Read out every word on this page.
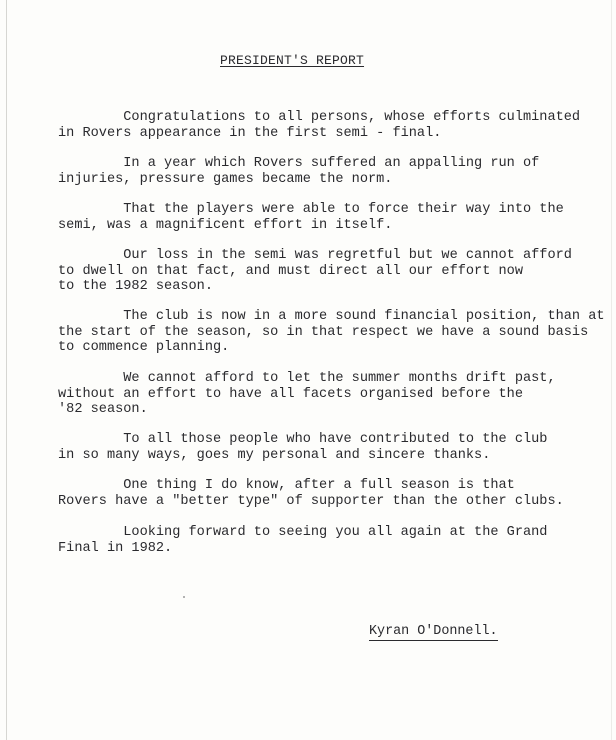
PRESIDENT'S REPORT

Congratulations to all persons, whose efforts culminated
in Rovers appearance in the first semi - final.

In a year which Rovers suffered an appalling run of
injuries, pressure games became the norm.

That the players were able to force their way into the
semi, was a magnificent effort in itself.

Our loss in the semi was regretful but we cannot afford
to dwell on that fact, and must direct all our effort now
to the 1982 season.

The club is now in a more sound financial position, than at
the start of the season, so in that respect we have a sound basis
to commence planning.

We cannot afford to let the summer months drift past,
without an effort to have all facets organised before the
'82 season.

To all those people who have contributed to the club
in so many ways, goes my personal and sincere thanks.

One thing I do know, after a full season is that
Rovers have a "better type" of supporter than the other clubs.

Looking forward to seeing you all again at the Grand
Final in 1982.

Kyran O'Donnell.
